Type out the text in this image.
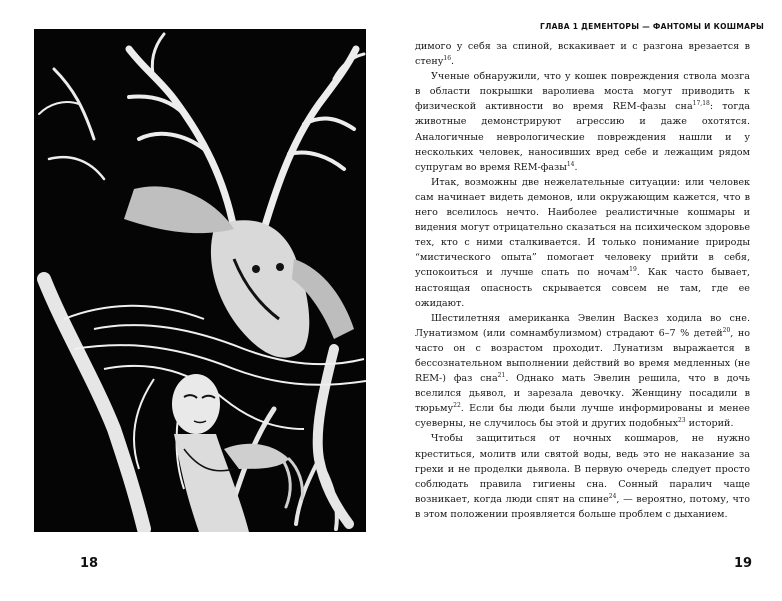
18
ГЛАВА 1 ДЕМЕНТОРЫ — ФАНТОМЫ И КОШМАРЫ

димого у себя за спиной, вскакивает и с разгона врезается в стену$^{16}$.

Ученые обнаружили, что у кошек повреждения ствола мозга в области покрышки варолиева моста могут приводить к физической активности во время REM-фазы сна$^{17,18}$: тогда животные демонстрируют агрессию и даже охотятся. Аналогичные неврологические повреждения нашли и у нескольких человек, наносивших вред себе и лежащим рядом супругам во время REM-фазы$^{14}$.

Итак, возможны две нежелательные ситуации: или человек сам начинает видеть демонов, или окружающим кажется, что в него вселилось нечто. Наиболее реалистичные кошмары и видения могут отрицательно сказаться на психическом здоровье тех, кто с ними сталкивается. И только понимание природы “мистического опыта” помогает человеку прийти в себя, успокоиться и лучше спать по ночам$^{19}$. Как часто бывает, настоящая опасность скрывается совсем не там, где ее ожидают.

Шестилетняя американка Эвелин Васкез ходила во сне. Лунатизмом (или сомнамбулизмом) страдают 6–7 % детей$^{20}$, но часто он с возрастом проходит. Лунатизм выражается в бессознательном выполнении действий во время медленных (не REM-) фаз сна$^{21}$. Однако мать Эвелин решила, что в дочь вселился дьявол, и зарезала девочку. Женщину посадили в тюрьму$^{22}$. Если бы люди были лучше информированы и менее суеверны, не случилось бы этой и других подобных$^{23}$ историй.

Чтобы защититься от ночных кошмаров, не нужно креститься, молитв или святой воды, ведь это не наказание за грехи и не проделки дьявола. В первую очередь следует просто соблюдать правила гигиены сна. Сонный паралич чаще возникает, когда люди спят на спине$^{24}$, — вероятно, потому, что в этом положении проявляется больше проблем с дыханием.

19
